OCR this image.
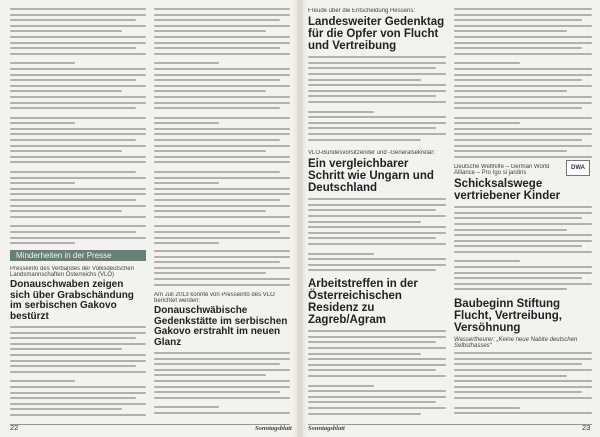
Minderheiten in der Presse
Presseinfo des Verbandes der Volksdeutschen Landsmannschaften Österreichs (VLÖ)
Donauschwaben zeigen sich über Grabschändung im serbischen Gakovo bestürzt
Am Juli 2013 konnte von Presseinfo des VLÖ berichtet werden:
Donauschwäbische Gedenkstätte im serbischen Gakovo erstrahlt im neuen Glanz
22	Sonntagsblatt
Freude über die Entscheidung Hessens:
Landesweiter Gedenktag für die Opfer von Flucht und Vertreibung
VLÖ-Bundesvorsitzender und -Generalsekretär:
Ein vergleichbarer Schritt wie Ungarn und Deutschland
Arbeitstreffen in der Österreichischen Residenz zu Zagreb/Agram
Deutsche Welthilfe – German World Alliance – Pro Igo si jardins
Schicksalswege vertriebener Kinder
DWA
Baubeginn Stiftung Flucht, Vertreibung, Versöhnung
Wassertheurer: „Keine neue Nabite deutschen Selbsthasses“
Sonntagsblatt	23
